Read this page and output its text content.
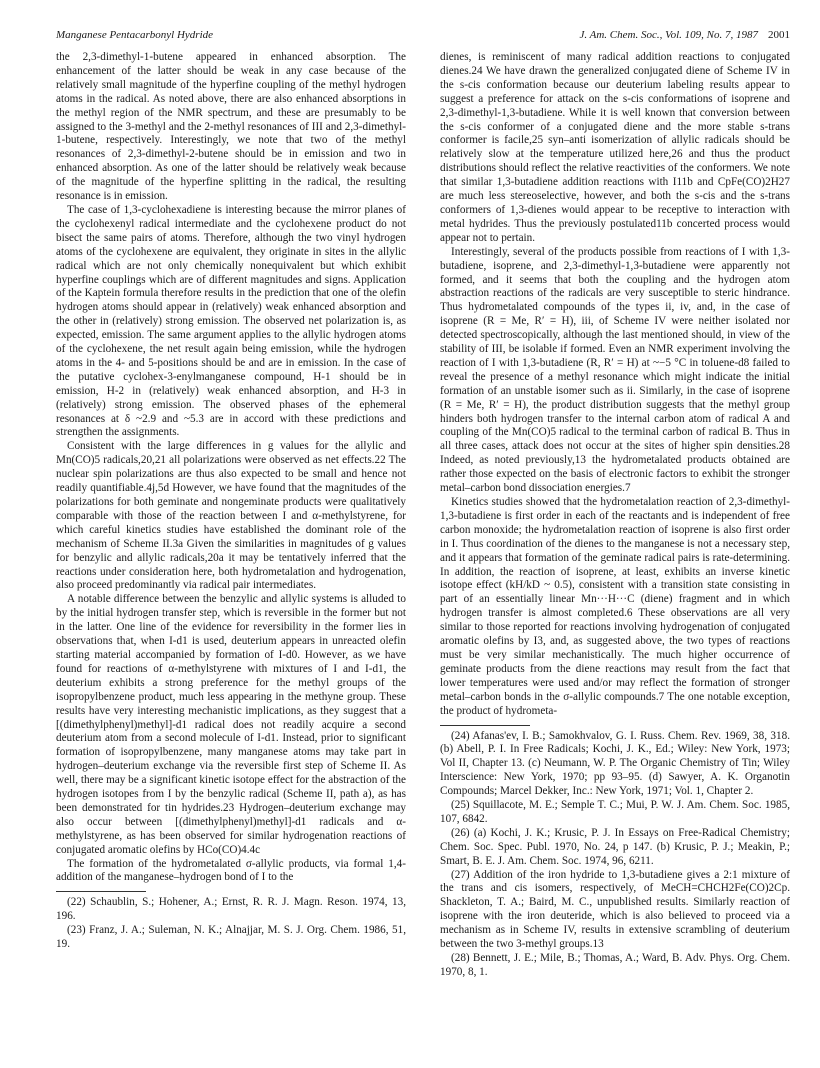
Manganese Pentacarbonyl Hydride	J. Am. Chem. Soc., Vol. 109, No. 7, 1987 2001

the 2,3-dimethyl-1-butene appeared in enhanced absorption. The enhancement of the latter should be weak in any case because of the relatively small magnitude of the hyperfine coupling of the methyl hydrogen atoms in the radical. As noted above, there are also enhanced absorptions in the methyl region of the NMR spectrum, and these are presumably to be assigned to the 3-methyl and the 2-methyl resonances of III and 2,3-dimethyl-1-butene, respectively. Interestingly, we note that two of the methyl resonances of 2,3-dimethyl-2-butene should be in emission and two in enhanced absorption. As one of the latter should be relatively weak because of the magnitude of the hyperfine splitting in the radical, the resulting resonance is in emission.

The case of 1,3-cyclohexadiene is interesting because the mirror planes of the cyclohexenyl radical intermediate and the cyclohexene product do not bisect the same pairs of atoms. Therefore, although the two vinyl hydrogen atoms of the cyclohexene are equivalent, they originate in sites in the allylic radical which are not only chemically nonequivalent but which exhibit hyperfine couplings which are of different magnitudes and signs. Application of the Kaptein formula therefore results in the prediction that one of the olefin hydrogen atoms should appear in (relatively) weak enhanced absorption and the other in (relatively) strong emission. The observed net polarization is, as expected, emission. The same argument applies to the allylic hydrogen atoms of the cyclohexene, the net result again being emission, while the hydrogen atoms in the 4- and 5-positions should be and are in emission. In the case of the putative cyclohex-3-enylmanganese compound, H-1 should be in emission, H-2 in (relatively) weak enhanced absorption, and H-3 in (relatively) strong emission. The observed phases of the ephemeral resonances at δ ~2.9 and ~5.3 are in accord with these predictions and strengthen the assignments.

Consistent with the large differences in g values for the allylic and Mn(CO)5 radicals,20,21 all polarizations were observed as net effects.22 The nuclear spin polarizations are thus also expected to be small and hence not readily quantifiable.4j,5d However, we have found that the magnitudes of the polarizations for both geminate and nongeminate products were qualitatively comparable with those of the reaction between I and α-methylstyrene, for which careful kinetics studies have established the dominant role of the mechanism of Scheme II.3a Given the similarities in magnitudes of g values for benzylic and allylic radicals,20a it may be tentatively inferred that the reactions under consideration here, both hydrometalation and hydrogenation, also proceed predominantly via radical pair intermediates.

A notable difference between the benzylic and allylic systems is alluded to by the initial hydrogen transfer step, which is reversible in the former but not in the latter. One line of the evidence for reversibility in the former lies in observations that, when I-d1 is used, deuterium appears in unreacted olefin starting material accompanied by formation of I-d0. However, as we have found for reactions of α-methylstyrene with mixtures of I and I-d1, the deuterium exhibits a strong preference for the methyl groups of the isopropylbenzene product, much less appearing in the methyne group. These results have very interesting mechanistic implications, as they suggest that a [(dimethylphenyl)methyl]-d1 radical does not readily acquire a second deuterium atom from a second molecule of I-d1. Instead, prior to significant formation of isopropylbenzene, many manganese atoms may take part in hydrogen–deuterium exchange via the reversible first step of Scheme II. As well, there may be a significant kinetic isotope effect for the abstraction of the hydrogen isotopes from I by the benzylic radical (Scheme II, path a), as has been demonstrated for tin hydrides.23 Hydrogen–deuterium exchange may also occur between [(dimethylphenyl)methyl]-d1 radicals and α-methylstyrene, as has been observed for similar hydrogenation reactions of conjugated aromatic olefins by HCo(CO)4.4c

The formation of the hydrometalated σ-allylic products, via formal 1,4-addition of the manganese–hydrogen bond of I to the

(22) Schaublin, S.; Hohener, A.; Ernst, R. R. J. Magn. Reson. 1974, 13, 196.

(23) Franz, J. A.; Suleman, N. K.; Alnajjar, M. S. J. Org. Chem. 1986, 51, 19.

dienes, is reminiscent of many radical addition reactions to conjugated dienes.24 We have drawn the generalized conjugated diene of Scheme IV in the s-cis conformation because our deuterium labeling results appear to suggest a preference for attack on the s-cis conformations of isoprene and 2,3-dimethyl-1,3-butadiene. While it is well known that conversion between the s-cis conformer of a conjugated diene and the more stable s-trans conformer is facile,25 syn–anti isomerization of allylic radicals should be relatively slow at the temperature utilized here,26 and thus the product distributions should reflect the relative reactivities of the conformers. We note that similar 1,3-butadiene addition reactions with I11b and CpFe(CO)2H27 are much less stereoselective, however, and both the s-cis and the s-trans conformers of 1,3-dienes would appear to be receptive to interaction with metal hydrides. Thus the previously postulated11b concerted process would appear not to pertain.

Interestingly, several of the products possible from reactions of I with 1,3-butadiene, isoprene, and 2,3-dimethyl-1,3-butadiene were apparently not formed, and it seems that both the coupling and the hydrogen atom abstraction reactions of the radicals are very susceptible to steric hindrance. Thus hydrometalated compounds of the types ii, iv, and, in the case of isoprene (R = Me, R′ = H), iii, of Scheme IV were neither isolated nor detected spectroscopically, although the last mentioned should, in view of the stability of III, be isolable if formed. Even an NMR experiment involving the reaction of I with 1,3-butadiene (R, R′ = H) at ~−5 °C in toluene-d8 failed to reveal the presence of a methyl resonance which might indicate the initial formation of an unstable isomer such as ii. Similarly, in the case of isoprene (R = Me, R′ = H), the product distribution suggests that the methyl group hinders both hydrogen transfer to the internal carbon atom of radical A and coupling of the Mn(CO)5 radical to the terminal carbon of radical B. Thus in all three cases, attack does not occur at the sites of higher spin densities.28 Indeed, as noted previously,13 the hydrometalated products obtained are rather those expected on the basis of electronic factors to exhibit the stronger metal–carbon bond dissociation energies.7

Kinetics studies showed that the hydrometalation reaction of 2,3-dimethyl-1,3-butadiene is first order in each of the reactants and is independent of free carbon monoxide; the hydrometalation reaction of isoprene is also first order in I. Thus coordination of the dienes to the manganese is not a necessary step, and it appears that formation of the geminate radical pairs is rate-determining. In addition, the reaction of isoprene, at least, exhibits an inverse kinetic isotope effect (kH/kD ~ 0.5), consistent with a transition state consisting in part of an essentially linear Mn···H···C (diene) fragment and in which hydrogen transfer is almost completed.6 These observations are all very similar to those reported for reactions involving hydrogenation of conjugated aromatic olefins by I3, and, as suggested above, the two types of reactions must be very similar mechanistically. The much higher occurrence of geminate products from the diene reactions may result from the fact that lower temperatures were used and/or may reflect the formation of stronger metal–carbon bonds in the σ-allylic compounds.7 The one notable exception, the product of hydrometa-

(24) Afanas'ev, I. B.; Samokhvalov, G. I. Russ. Chem. Rev. 1969, 38, 318. (b) Abell, P. I. In Free Radicals; Kochi, J. K., Ed.; Wiley: New York, 1973; Vol II, Chapter 13. (c) Neumann, W. P. The Organic Chemistry of Tin; Wiley Interscience: New York, 1970; pp 93–95. (d) Sawyer, A. K. Organotin Compounds; Marcel Dekker, Inc.: New York, 1971; Vol. 1, Chapter 2.

(25) Squillacote, M. E.; Semple T. C.; Mui, P. W. J. Am. Chem. Soc. 1985, 107, 6842.

(26) (a) Kochi, J. K.; Krusic, P. J. In Essays on Free-Radical Chemistry; Chem. Soc. Spec. Publ. 1970, No. 24, p 147. (b) Krusic, P. J.; Meakin, P.; Smart, B. E. J. Am. Chem. Soc. 1974, 96, 6211.

(27) Addition of the iron hydride to 1,3-butadiene gives a 2:1 mixture of the trans and cis isomers, respectively, of MeCH=CHCH2Fe(CO)2Cp. Shackleton, T. A.; Baird, M. C., unpublished results. Similarly reaction of isoprene with the iron deuteride, which is also believed to proceed via a mechanism as in Scheme IV, results in extensive scrambling of deuterium between the two 3-methyl groups.13

(28) Bennett, J. E.; Mile, B.; Thomas, A.; Ward, B. Adv. Phys. Org. Chem. 1970, 8, 1.
